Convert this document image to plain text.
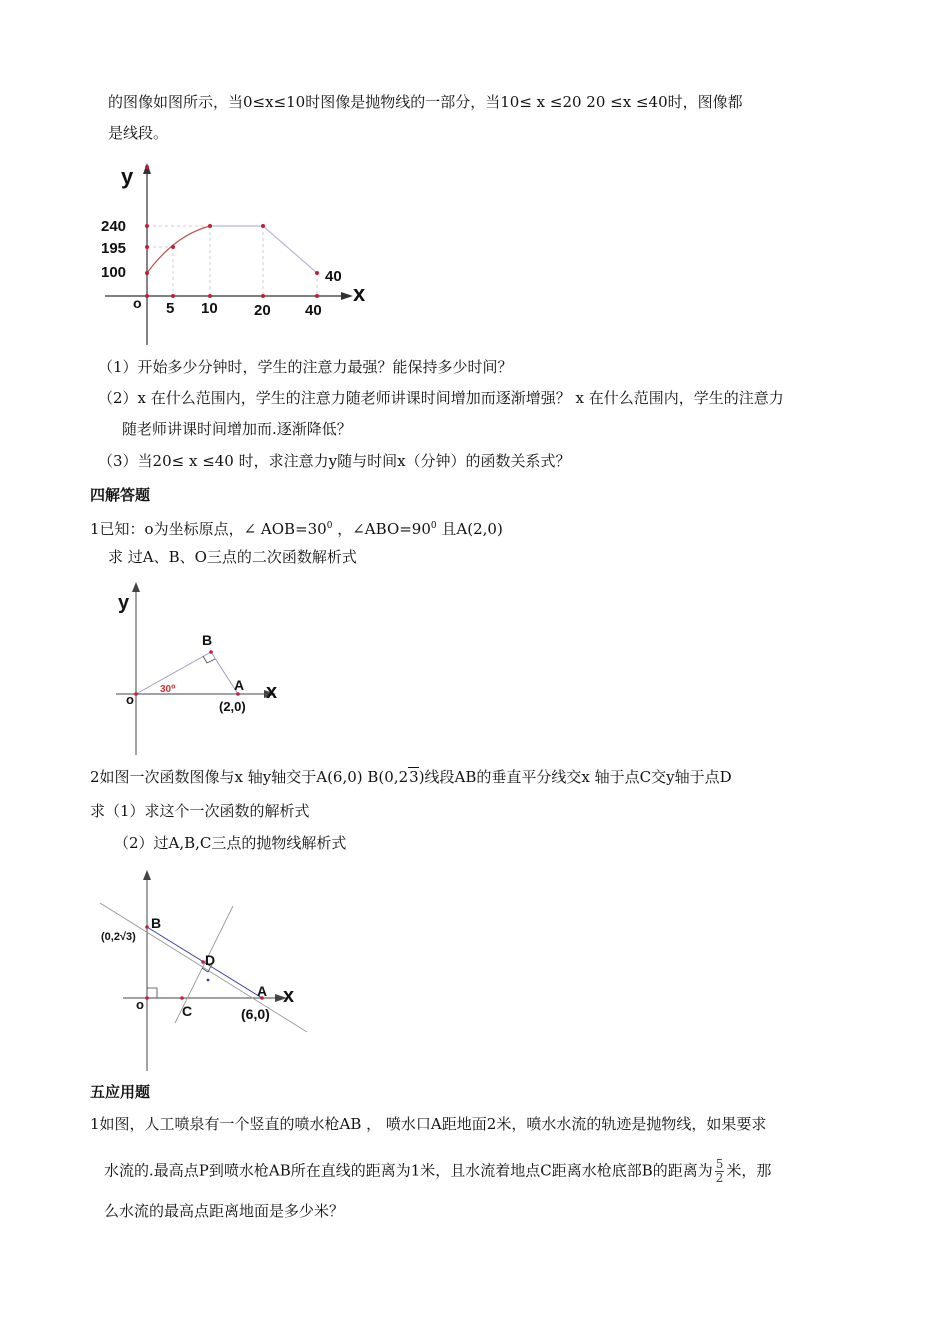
的图像如图所示，当0≤x≤10时图像是抛物线的一部分，当10≤ x ≤20 20 ≤x ≤40时，图像都
是线段。
y
240
195
100
o 5 10 20 40
40
x
（1）开始多少分钟时，学生的注意力最强？能保持多少时间？
（2）x 在什么范围内，学生的注意力随老师讲课时间增加而逐渐增强？ x 在什么范围内，学生的注意力
随老师讲课时间增加而.逐渐降低？
（3）当20≤ x ≤40 时，求注意力y随与时间x（分钟）的函数关系式？
四解答题
1已知：o为坐标原点，∠ $AOB=30^0$ ，$\angle ABO=90^0$ 且A(2,0)
求 过A、B、O三点的二次函数解析式
y
B
30⁰	A
o	(2,0)
x
2如图一次函数图像与x 轴y轴交于A(6,0) B(0,23)线段AB的垂直平分线交x 轴于点C交y轴于点D
求（1）求这个一次函数的解析式
（2）过A,B,C三点的抛物线解析式
B
(0,2√3)
D
A
o	C	(6,0)
x
五应用题
1如图，人工喷泉有一个竖直的喷水枪AB ， 喷水口A距地面2米，喷水水流的轨迹是抛物线，如果要求
水流的.最高点P到喷水枪AB所在直线的距离为1米，且水流着地点C距离水枪底部B的距离为 $\frac{5}{2}$ 米，那
么水流的最高点距离地面是多少米？
